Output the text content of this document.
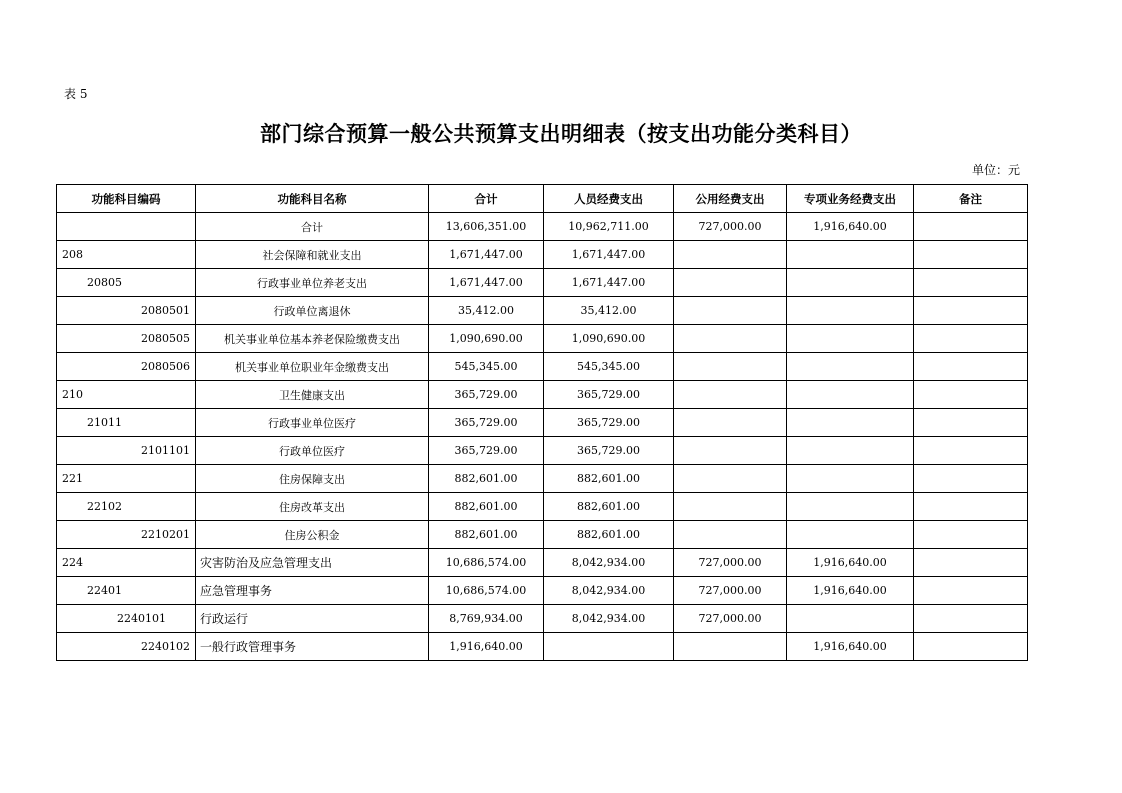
表 5
部门综合预算一般公共预算支出明细表（按支出功能分类科目）
单位：元
功能科目编码	功能科目名称	合计	人员经费支出	公用经费支出	专项业务经费支出	备注
	合计	13,606,351.00	10,962,711.00	727,000.00	1,916,640.00	
208	社会保障和就业支出	1,671,447.00	1,671,447.00			
20805	行政事业单位养老支出	1,671,447.00	1,671,447.00			
2080501	行政单位离退休	35,412.00	35,412.00			
2080505	机关事业单位基本养老保险缴费支出	1,090,690.00	1,090,690.00			
2080506	机关事业单位职业年金缴费支出	545,345.00	545,345.00			
210	卫生健康支出	365,729.00	365,729.00			
21011	行政事业单位医疗	365,729.00	365,729.00			
2101101	行政单位医疗	365,729.00	365,729.00			
221	住房保障支出	882,601.00	882,601.00			
22102	住房改革支出	882,601.00	882,601.00			
2210201	住房公积金	882,601.00	882,601.00			
224	灾害防治及应急管理支出	10,686,574.00	8,042,934.00	727,000.00	1,916,640.00	
22401	应急管理事务	10,686,574.00	8,042,934.00	727,000.00	1,916,640.00	
2240101	行政运行	8,769,934.00	8,042,934.00	727,000.00		
2240102	一般行政管理事务	1,916,640.00			1,916,640.00	
